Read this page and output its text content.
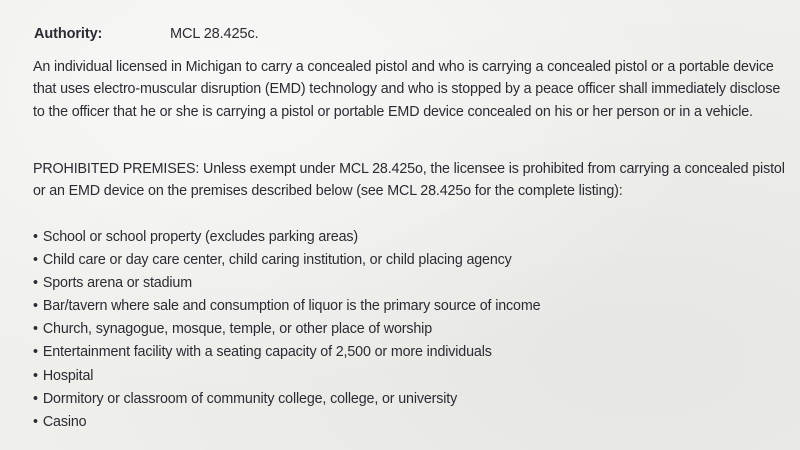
Authority:	MCL 28.425c.

An individual licensed in Michigan to carry a concealed pistol and who is carrying a concealed pistol or a portable device that uses electro-muscular disruption (EMD) technology and who is stopped by a peace officer shall immediately disclose to the officer that he or she is carrying a pistol or portable EMD device concealed on his or her person or in a vehicle.

PROHIBITED PREMISES: Unless exempt under MCL 28.425o, the licensee is prohibited from carrying a concealed pistol or an EMD device on the premises described below (see MCL 28.425o for the complete listing):

• School or school property (excludes parking areas)
• Child care or day care center, child caring institution, or child placing agency
• Sports arena or stadium
• Bar/tavern where sale and consumption of liquor is the primary source of income
• Church, synagogue, mosque, temple, or other place of worship
• Entertainment facility with a seating capacity of 2,500 or more individuals
• Hospital
• Dormitory or classroom of community college, college, or university
• Casino
